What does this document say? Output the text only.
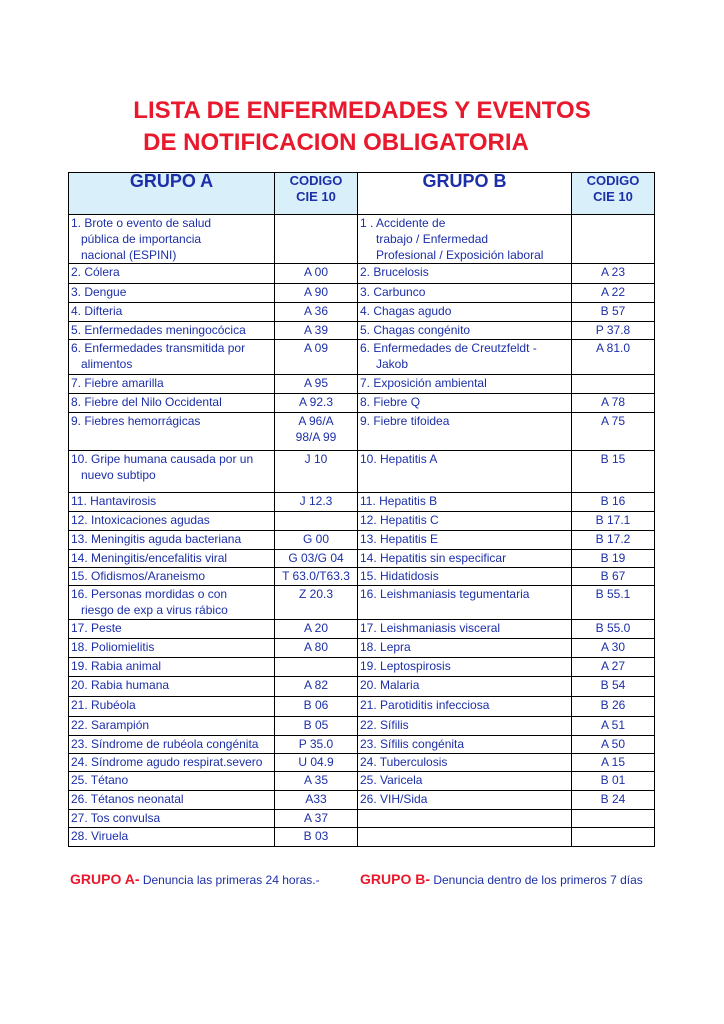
LISTA DE ENFERMEDADES Y EVENTOS
DE NOTIFICACION OBLIGATORIA
GRUPO A	CODIGO CIE 10	GRUPO B	CODIGO CIE 10

1. Brote o evento de salud
pública de importancia
nacional (ESPINI)		1 . Accidente de
trabajo / Enfermedad
Profesional / Exposición laboral	

2. Cólera	A 00	2. Brucelosis	A 23

3. Dengue	A 90	3. Carbunco	A 22

4. Difteria	A 36	4. Chagas agudo	B 57

5. Enfermedades meningocócica	A 39	5. Chagas congénito	P 37.8

6. Enfermedades transmitida por
alimentos	A 09	6. Enfermedades de Creutzfeldt -
Jakob	A 81.0

7. Fiebre amarilla	A 95	7. Exposición ambiental	

8. Fiebre del Nilo Occidental	A 92.3	8. Fiebre Q	A 78

9. Fiebres hemorrágicas	A 96/A
98/A 99	9. Fiebre tifoidea	A 75

10. Gripe humana causada por un
nuevo subtipo	J 10	10. Hepatitis A	B 15

11. Hantavirosis	J 12.3	11. Hepatitis B	B 16

12. Intoxicaciones agudas		12. Hepatitis C	B 17.1

13. Meningitis aguda bacteriana	G 00	13. Hepatitis E	B 17.2

14. Meningitis/encefalitis viral	G 03/G 04	14. Hepatitis sin especificar	B 19

15. Ofidismos/Araneismo	T 63.0/T63.3	15. Hidatidosis	B 67

16. Personas mordidas o con
riesgo de exp a virus rábico	Z 20.3	16. Leishmaniasis tegumentaria	B 55.1

17. Peste	A 20	17. Leishmaniasis visceral	B 55.0

18. Poliomielitis	A 80	18. Lepra	A 30

19. Rabia animal		19. Leptospirosis	A 27

20. Rabia humana	A 82	20. Malaria	B 54

21. Rubéola	B 06	21. Parotiditis infecciosa	B 26

22. Sarampión	B 05	22. Sífilis	A 51

23. Síndrome de rubéola congénita	P 35.0	23. Sífilis congénita	A 50

24. Síndrome agudo respirat.severo	U 04.9	24. Tuberculosis	A 15

25. Tétano	A 35	25. Varicela	B 01

26. Tétanos neonatal	A33	26. VIH/Sida	B 24

27. Tos convulsa	A 37		

28. Viruela	B 03		

GRUPO A- Denuncia las primeras 24 horas.-	GRUPO B- Denuncia dentro de los primeros 7 días
